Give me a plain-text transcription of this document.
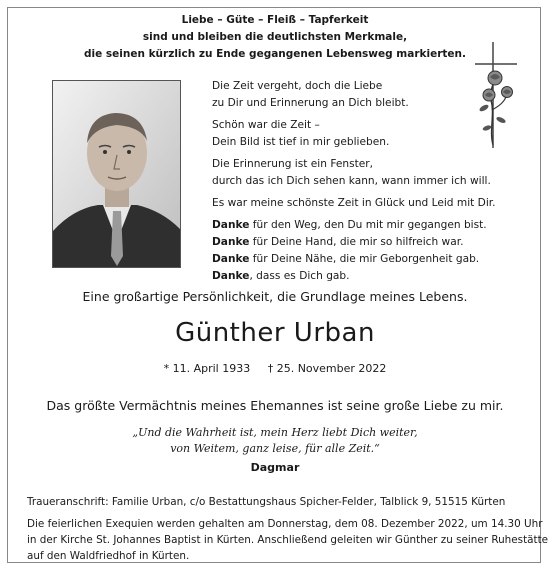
Liebe – Güte – Fleiß – Tapferkeit
sind und bleiben die deutlichsten Merkmale,
die seinen kürzlich zu Ende gegangenen Lebensweg markierten.
Die Zeit vergeht, doch die Liebe
zu Dir und Erinnerung an Dich bleibt.
Schön war die Zeit –
Dein Bild ist tief in mir geblieben.
Die Erinnerung ist ein Fenster,
durch das ich Dich sehen kann, wann immer ich will.
Es war meine schönste Zeit in Glück und Leid mit Dir.
Danke für den Weg, den Du mit mir gegangen bist.
Danke für Deine Hand, die mir so hilfreich war.
Danke für Deine Nähe, die mir Geborgenheit gab.
Danke, dass es Dich gab.
Eine großartige Persönlichkeit, die Grundlage meines Lebens.
Günther Urban
* 11. April 1933 † 25. November 2022
Das größte Vermächtnis meines Ehemannes ist seine große Liebe zu mir.
„Und die Wahrheit ist, mein Herz liebt Dich weiter,
von Weitem, ganz leise, für alle Zeit.“
Dagmar
Traueranschrift: Familie Urban, c/o Bestattungshaus Spicher-Felder, Talblick 9, 51515 Kürten
Die feierlichen Exequien werden gehalten am Donnerstag, dem 08. Dezember 2022, um 14.30 Uhr
in der Kirche St. Johannes Baptist in Kürten. Anschließend geleiten wir Günther zu seiner Ruhestätte
auf den Waldfriedhof in Kürten.
